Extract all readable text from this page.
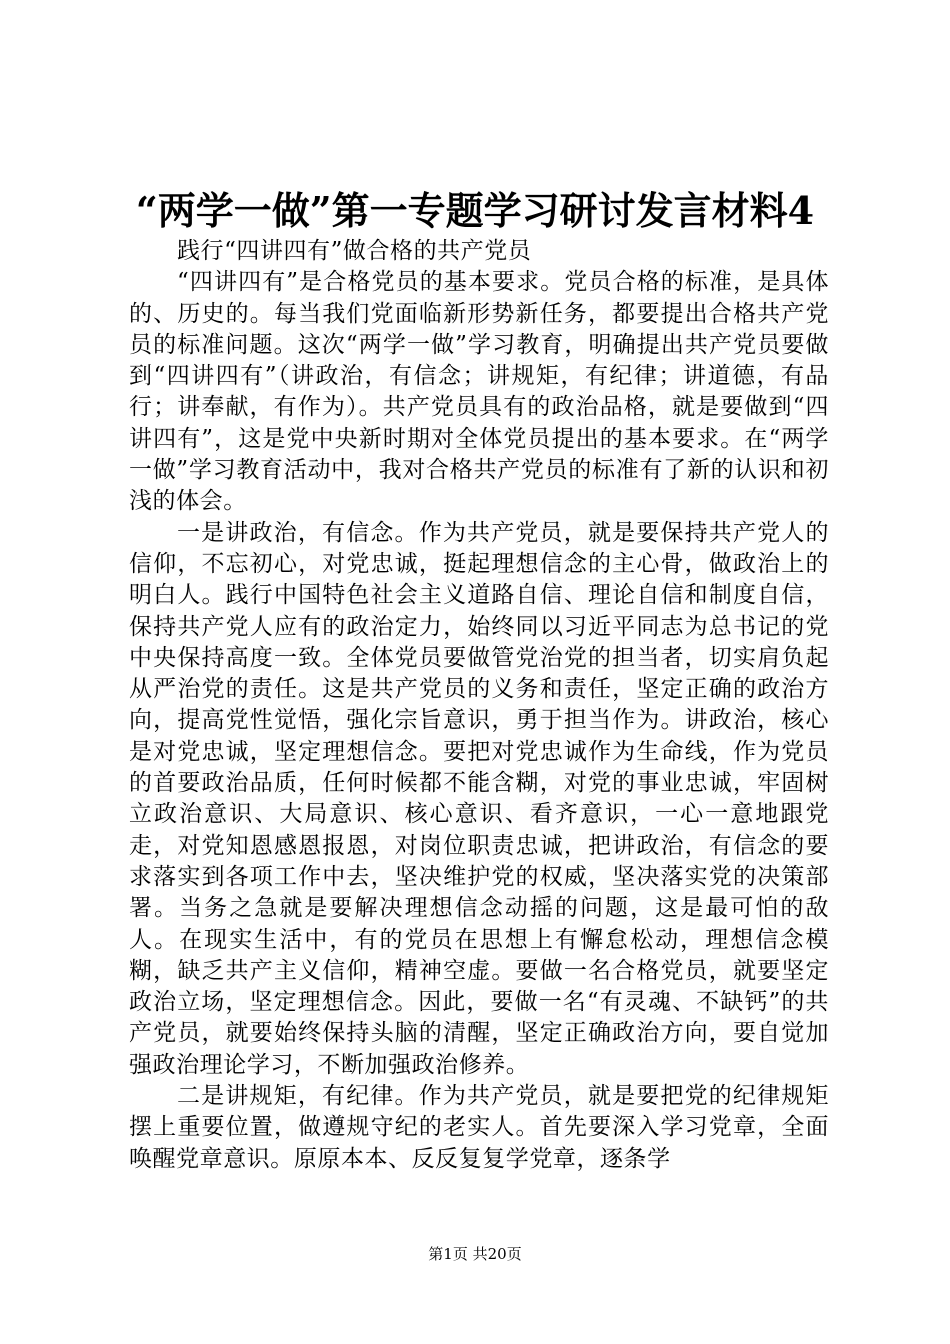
“两学一做”第一专题学习研讨发言材料4

践行“四讲四有”做合格的共产党员

“四讲四有”是合格党员的基本要求。党员合格的标准，是具体的、历史的。每当我们党面临新形势新任务，都要提出合格共产党员的标准问题。这次“两学一做”学习教育，明确提出共产党员要做到“四讲四有”（讲政治，有信念；讲规矩，有纪律；讲道德，有品行；讲奉献，有作为）。共产党员具有的政治品格，就是要做到“四讲四有”，这是党中央新时期对全体党员提出的基本要求。在“两学一做”学习教育活动中，我对合格共产党员的标准有了新的认识和初浅的体会。

一是讲政治，有信念。作为共产党员，就是要保持共产党人的信仰，不忘初心，对党忠诚，挺起理想信念的主心骨，做政治上的明白人。践行中国特色社会主义道路自信、理论自信和制度自信，保持共产党人应有的政治定力，始终同以习近平同志为总书记的党中央保持高度一致。全体党员要做管党治党的担当者，切实肩负起从严治党的责任。这是共产党员的义务和责任，坚定正确的政治方向，提高党性觉悟，强化宗旨意识，勇于担当作为。讲政治，核心是对党忠诚，坚定理想信念。要把对党忠诚作为生命线，作为党员的首要政治品质，任何时候都不能含糊，对党的事业忠诚，牢固树立政治意识、大局意识、核心意识、看齐意识，一心一意地跟党走，对党知恩感恩报恩，对岗位职责忠诚，把讲政治，有信念的要求落实到各项工作中去，坚决维护党的权威，坚决落实党的决策部署。当务之急就是要解决理想信念动摇的问题，这是最可怕的敌人。在现实生活中，有的党员在思想上有懈怠松动，理想信念模糊，缺乏共产主义信仰，精神空虚。要做一名合格党员，就要坚定政治立场，坚定理想信念。因此，要做一名“有灵魂、不缺钙”的共产党员，就要始终保持头脑的清醒，坚定正确政治方向，要自觉加强政治理论学习，不断加强政治修养。

二是讲规矩，有纪律。作为共产党员，就是要把党的纪律规矩摆上重要位置，做遵规守纪的老实人。首先要深入学习党章，全面唤醒党章意识。原原本本、反反复复学党章，逐条学

第1页 共20页
